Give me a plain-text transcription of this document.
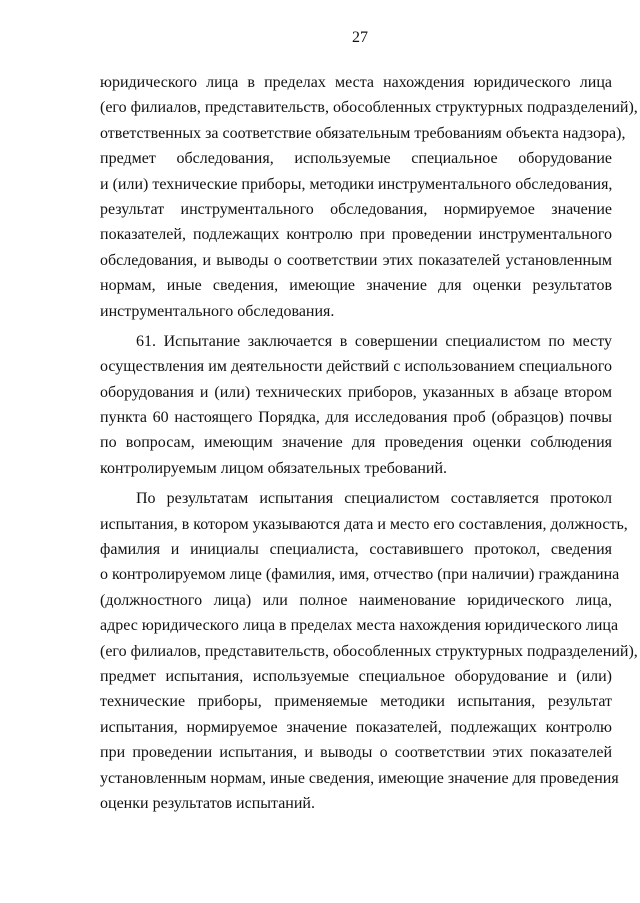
27
юридического лица в пределах места нахождения юридического лица
(его филиалов, представительств, обособленных структурных подразделений),
ответственных за соответствие обязательным требованиям объекта надзора),
предмет обследования, используемые специальное оборудование
и (или) технические приборы, методики инструментального обследования,
результат инструментального обследования, нормируемое значение
показателей, подлежащих контролю при проведении инструментального
обследования, и выводы о соответствии этих показателей установленным
нормам, иные сведения, имеющие значение для оценки результатов
инструментального обследования.
61. Испытание заключается в совершении специалистом по месту
осуществления им деятельности действий с использованием специального
оборудования и (или) технических приборов, указанных в абзаце втором
пункта 60 настоящего Порядка, для исследования проб (образцов) почвы
по вопросам, имеющим значение для проведения оценки соблюдения
контролируемым лицом обязательных требований.
По результатам испытания специалистом составляется протокол
испытания, в котором указываются дата и место его составления, должность,
фамилия и инициалы специалиста, составившего протокол, сведения
о контролируемом лице (фамилия, имя, отчество (при наличии) гражданина
(должностного лица) или полное наименование юридического лица,
адрес юридического лица в пределах места нахождения юридического лица
(его филиалов, представительств, обособленных структурных подразделений),
предмет испытания, используемые специальное оборудование и (или)
технические приборы, применяемые методики испытания, результат
испытания, нормируемое значение показателей, подлежащих контролю
при проведении испытания, и выводы о соответствии этих показателей
установленным нормам, иные сведения, имеющие значение для проведения
оценки результатов испытаний.
